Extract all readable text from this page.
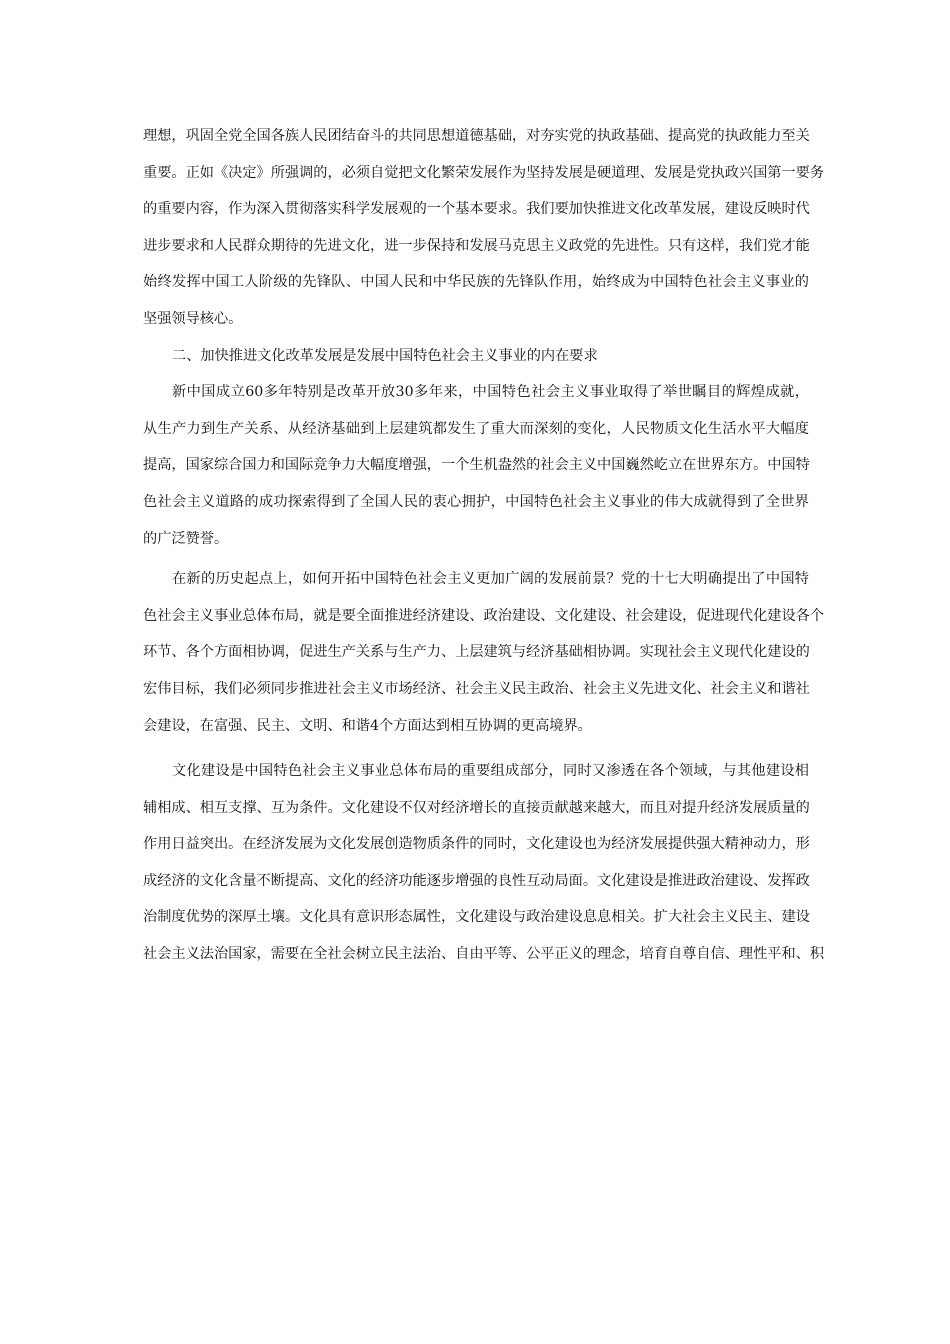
理想，巩固全党全国各族人民团结奋斗的共同思想道德基础，对夯实党的执政基础、提高党的执政能力至关
重要。正如《决定》所强调的，必须自觉把文化繁荣发展作为坚持发展是硬道理、发展是党执政兴国第一要务
的重要内容，作为深入贯彻落实科学发展观的一个基本要求。我们要加快推进文化改革发展，建设反映时代
进步要求和人民群众期待的先进文化，进一步保持和发展马克思主义政党的先进性。只有这样，我们党才能
始终发挥中国工人阶级的先锋队、中国人民和中华民族的先锋队作用，始终成为中国特色社会主义事业的
坚强领导核心。
二、加快推进文化改革发展是发展中国特色社会主义事业的内在要求
新中国成立60多年特别是改革开放30多年来，中国特色社会主义事业取得了举世瞩目的辉煌成就，
从生产力到生产关系、从经济基础到上层建筑都发生了重大而深刻的变化，人民物质文化生活水平大幅度
提高，国家综合国力和国际竞争力大幅度增强，一个生机盎然的社会主义中国巍然屹立在世界东方。中国特
色社会主义道路的成功探索得到了全国人民的衷心拥护，中国特色社会主义事业的伟大成就得到了全世界
的广泛赞誉。
在新的历史起点上，如何开拓中国特色社会主义更加广阔的发展前景？党的十七大明确提出了中国特
色社会主义事业总体布局，就是要全面推进经济建设、政治建设、文化建设、社会建设，促进现代化建设各个
环节、各个方面相协调，促进生产关系与生产力、上层建筑与经济基础相协调。实现社会主义现代化建设的
宏伟目标，我们必须同步推进社会主义市场经济、社会主义民主政治、社会主义先进文化、社会主义和谐社
会建设，在富强、民主、文明、和谐4个方面达到相互协调的更高境界。
文化建设是中国特色社会主义事业总体布局的重要组成部分，同时又渗透在各个领域，与其他建设相
辅相成、相互支撑、互为条件。文化建设不仅对经济增长的直接贡献越来越大，而且对提升经济发展质量的
作用日益突出。在经济发展为文化发展创造物质条件的同时，文化建设也为经济发展提供强大精神动力，形
成经济的文化含量不断提高、文化的经济功能逐步增强的良性互动局面。文化建设是推进政治建设、发挥政
治制度优势的深厚土壤。文化具有意识形态属性，文化建设与政治建设息息相关。扩大社会主义民主、建设
社会主义法治国家，需要在全社会树立民主法治、自由平等、公平正义的理念，培育自尊自信、理性平和、积
